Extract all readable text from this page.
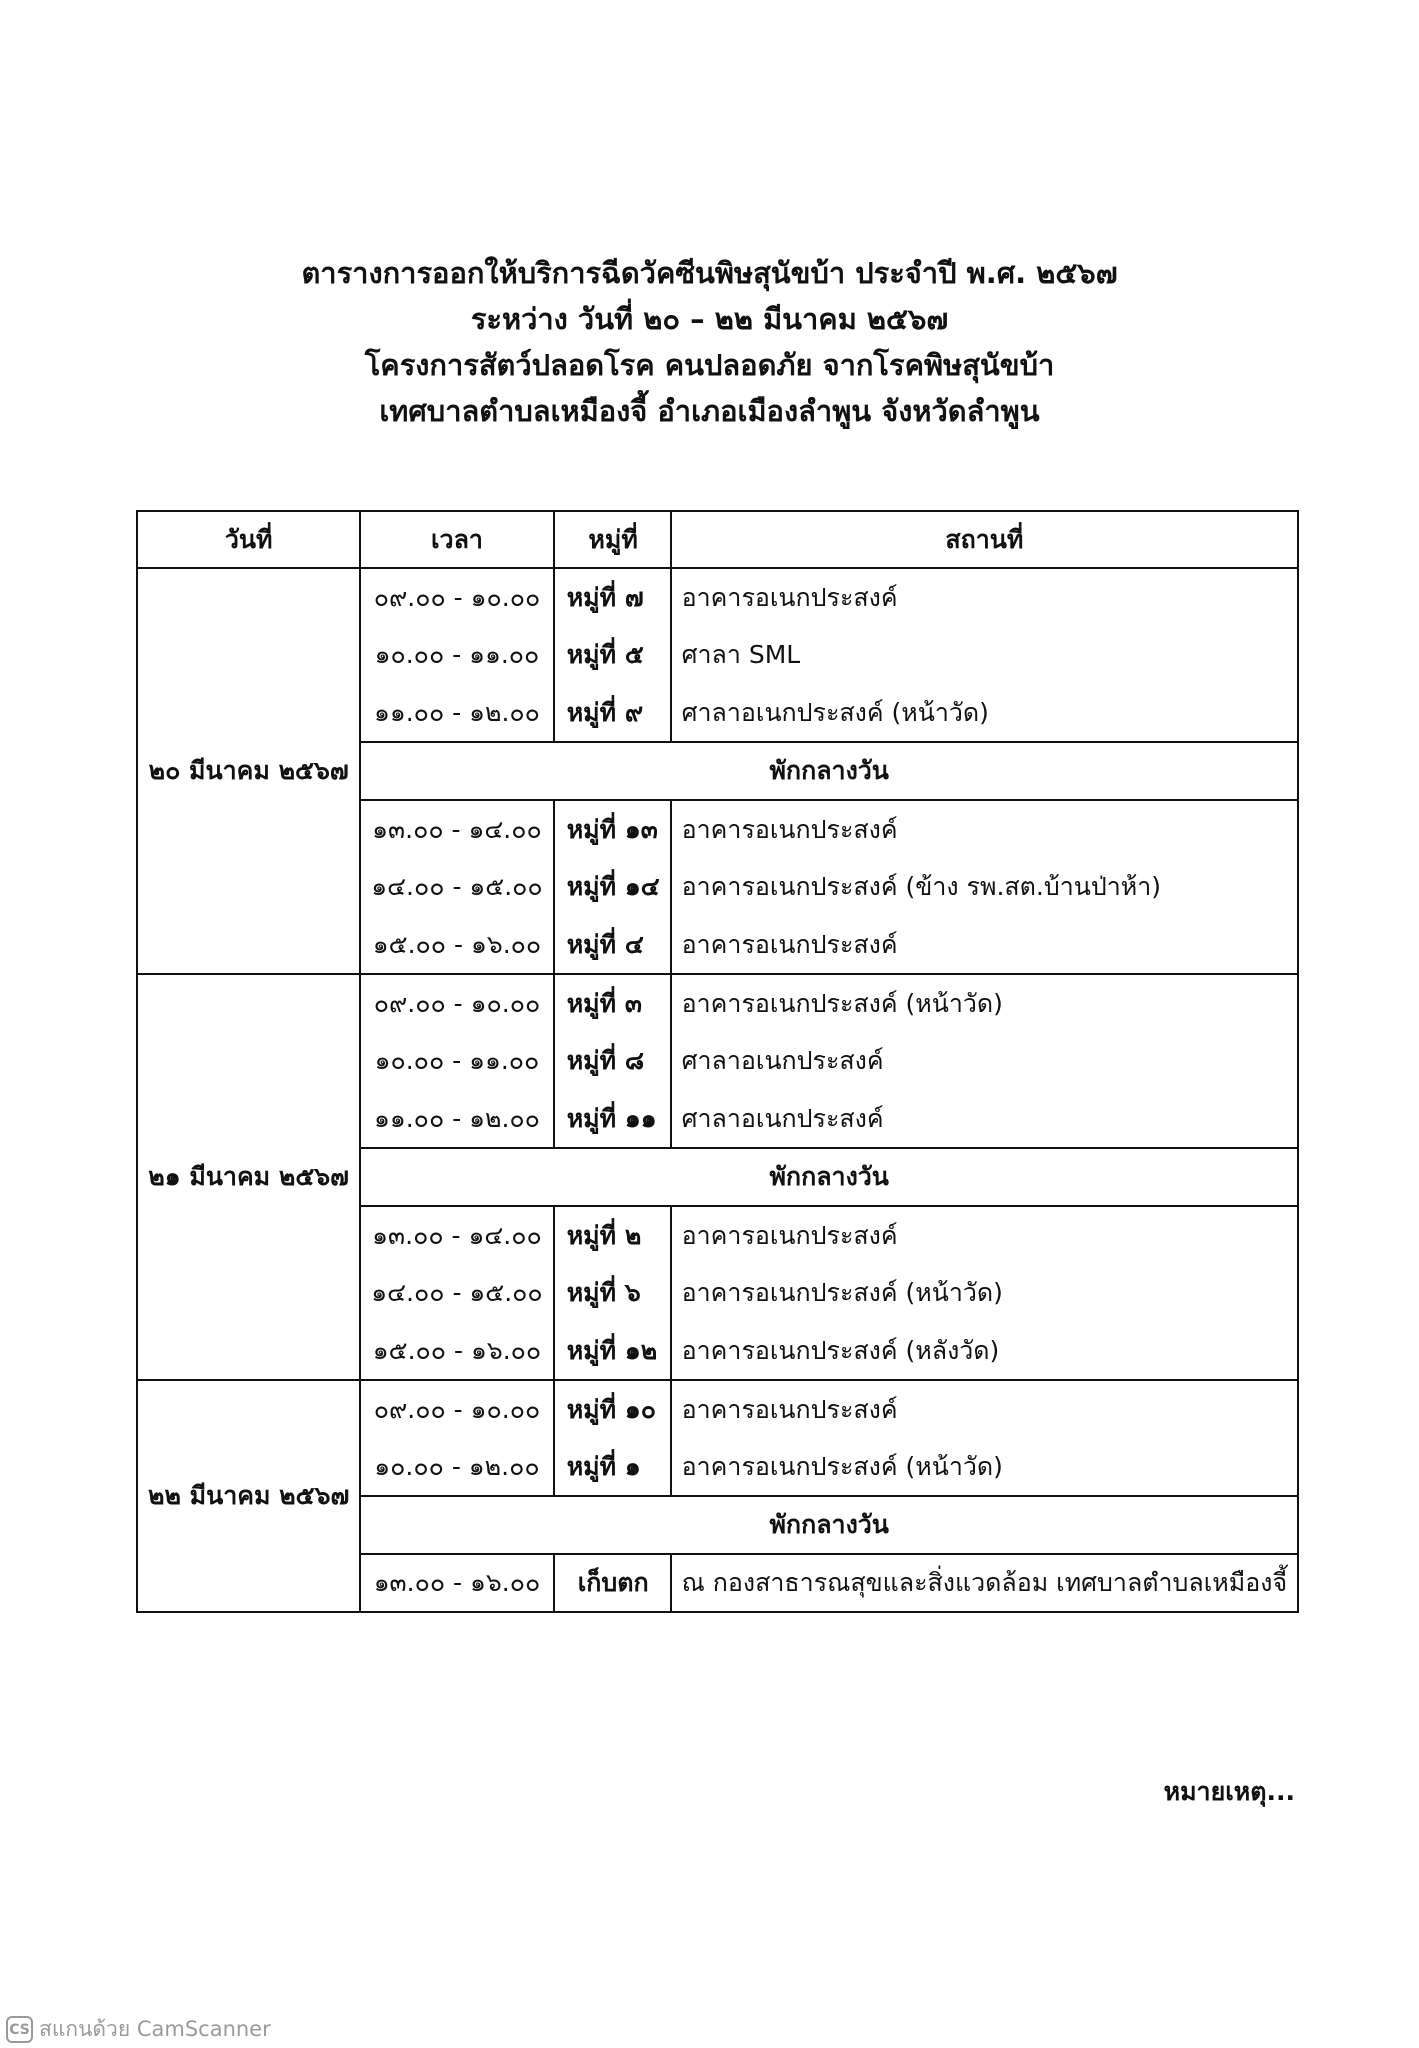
ตารางการออกให้บริการฉีดวัคซีนพิษสุนัขบ้า ประจำปี พ.ศ. ๒๕๖๗
ระหว่าง วันที่ ๒๐ – ๒๒ มีนาคม ๒๕๖๗
โครงการสัตว์ปลอดโรค คนปลอดภัย จากโรคพิษสุนัขบ้า
เทศบาลตำบลเหมืองจี้ อำเภอเมืองลำพูน จังหวัดลำพูน
วันที่	เวลา	หมู่ที่	สถานที่
๒๐ มีนาคม ๒๕๖๗	๐๙.๐๐ - ๑๐.๐๐	หมู่ที่ ๗	อาคารอเนกประสงค์
	๑๐.๐๐ - ๑๑.๐๐	หมู่ที่ ๕	ศาลา SML
	๑๑.๐๐ - ๑๒.๐๐	หมู่ที่ ๙	ศาลาอเนกประสงค์ (หน้าวัด)
	พักกลางวัน		
	๑๓.๐๐ - ๑๔.๐๐	หมู่ที่ ๑๓	อาคารอเนกประสงค์
	๑๔.๐๐ - ๑๕.๐๐	หมู่ที่ ๑๔	อาคารอเนกประสงค์ (ข้าง รพ.สต.บ้านป่าห้า)
	๑๕.๐๐ - ๑๖.๐๐	หมู่ที่ ๔	อาคารอเนกประสงค์
๒๑ มีนาคม ๒๕๖๗	๐๙.๐๐ - ๑๐.๐๐	หมู่ที่ ๓	อาคารอเนกประสงค์ (หน้าวัด)
	๑๐.๐๐ - ๑๑.๐๐	หมู่ที่ ๘	ศาลาอเนกประสงค์
	๑๑.๐๐ - ๑๒.๐๐	หมู่ที่ ๑๑	ศาลาอเนกประสงค์
	พักกลางวัน		
	๑๓.๐๐ - ๑๔.๐๐	หมู่ที่ ๒	อาคารอเนกประสงค์
	๑๔.๐๐ - ๑๕.๐๐	หมู่ที่ ๖	อาคารอเนกประสงค์ (หน้าวัด)
	๑๕.๐๐ - ๑๖.๐๐	หมู่ที่ ๑๒	อาคารอเนกประสงค์ (หลังวัด)
๒๒ มีนาคม ๒๕๖๗	๐๙.๐๐ - ๑๐.๐๐	หมู่ที่ ๑๐	อาคารอเนกประสงค์
	๑๐.๐๐ - ๑๒.๐๐	หมู่ที่ ๑	อาคารอเนกประสงค์ (หน้าวัด)
	พักกลางวัน		
	๑๓.๐๐ - ๑๖.๐๐	เก็บตก	ณ กองสาธารณสุขและสิ่งแวดล้อม เทศบาลตำบลเหมืองจี้
หมายเหตุ...
CS สแกนด้วย CamScanner
